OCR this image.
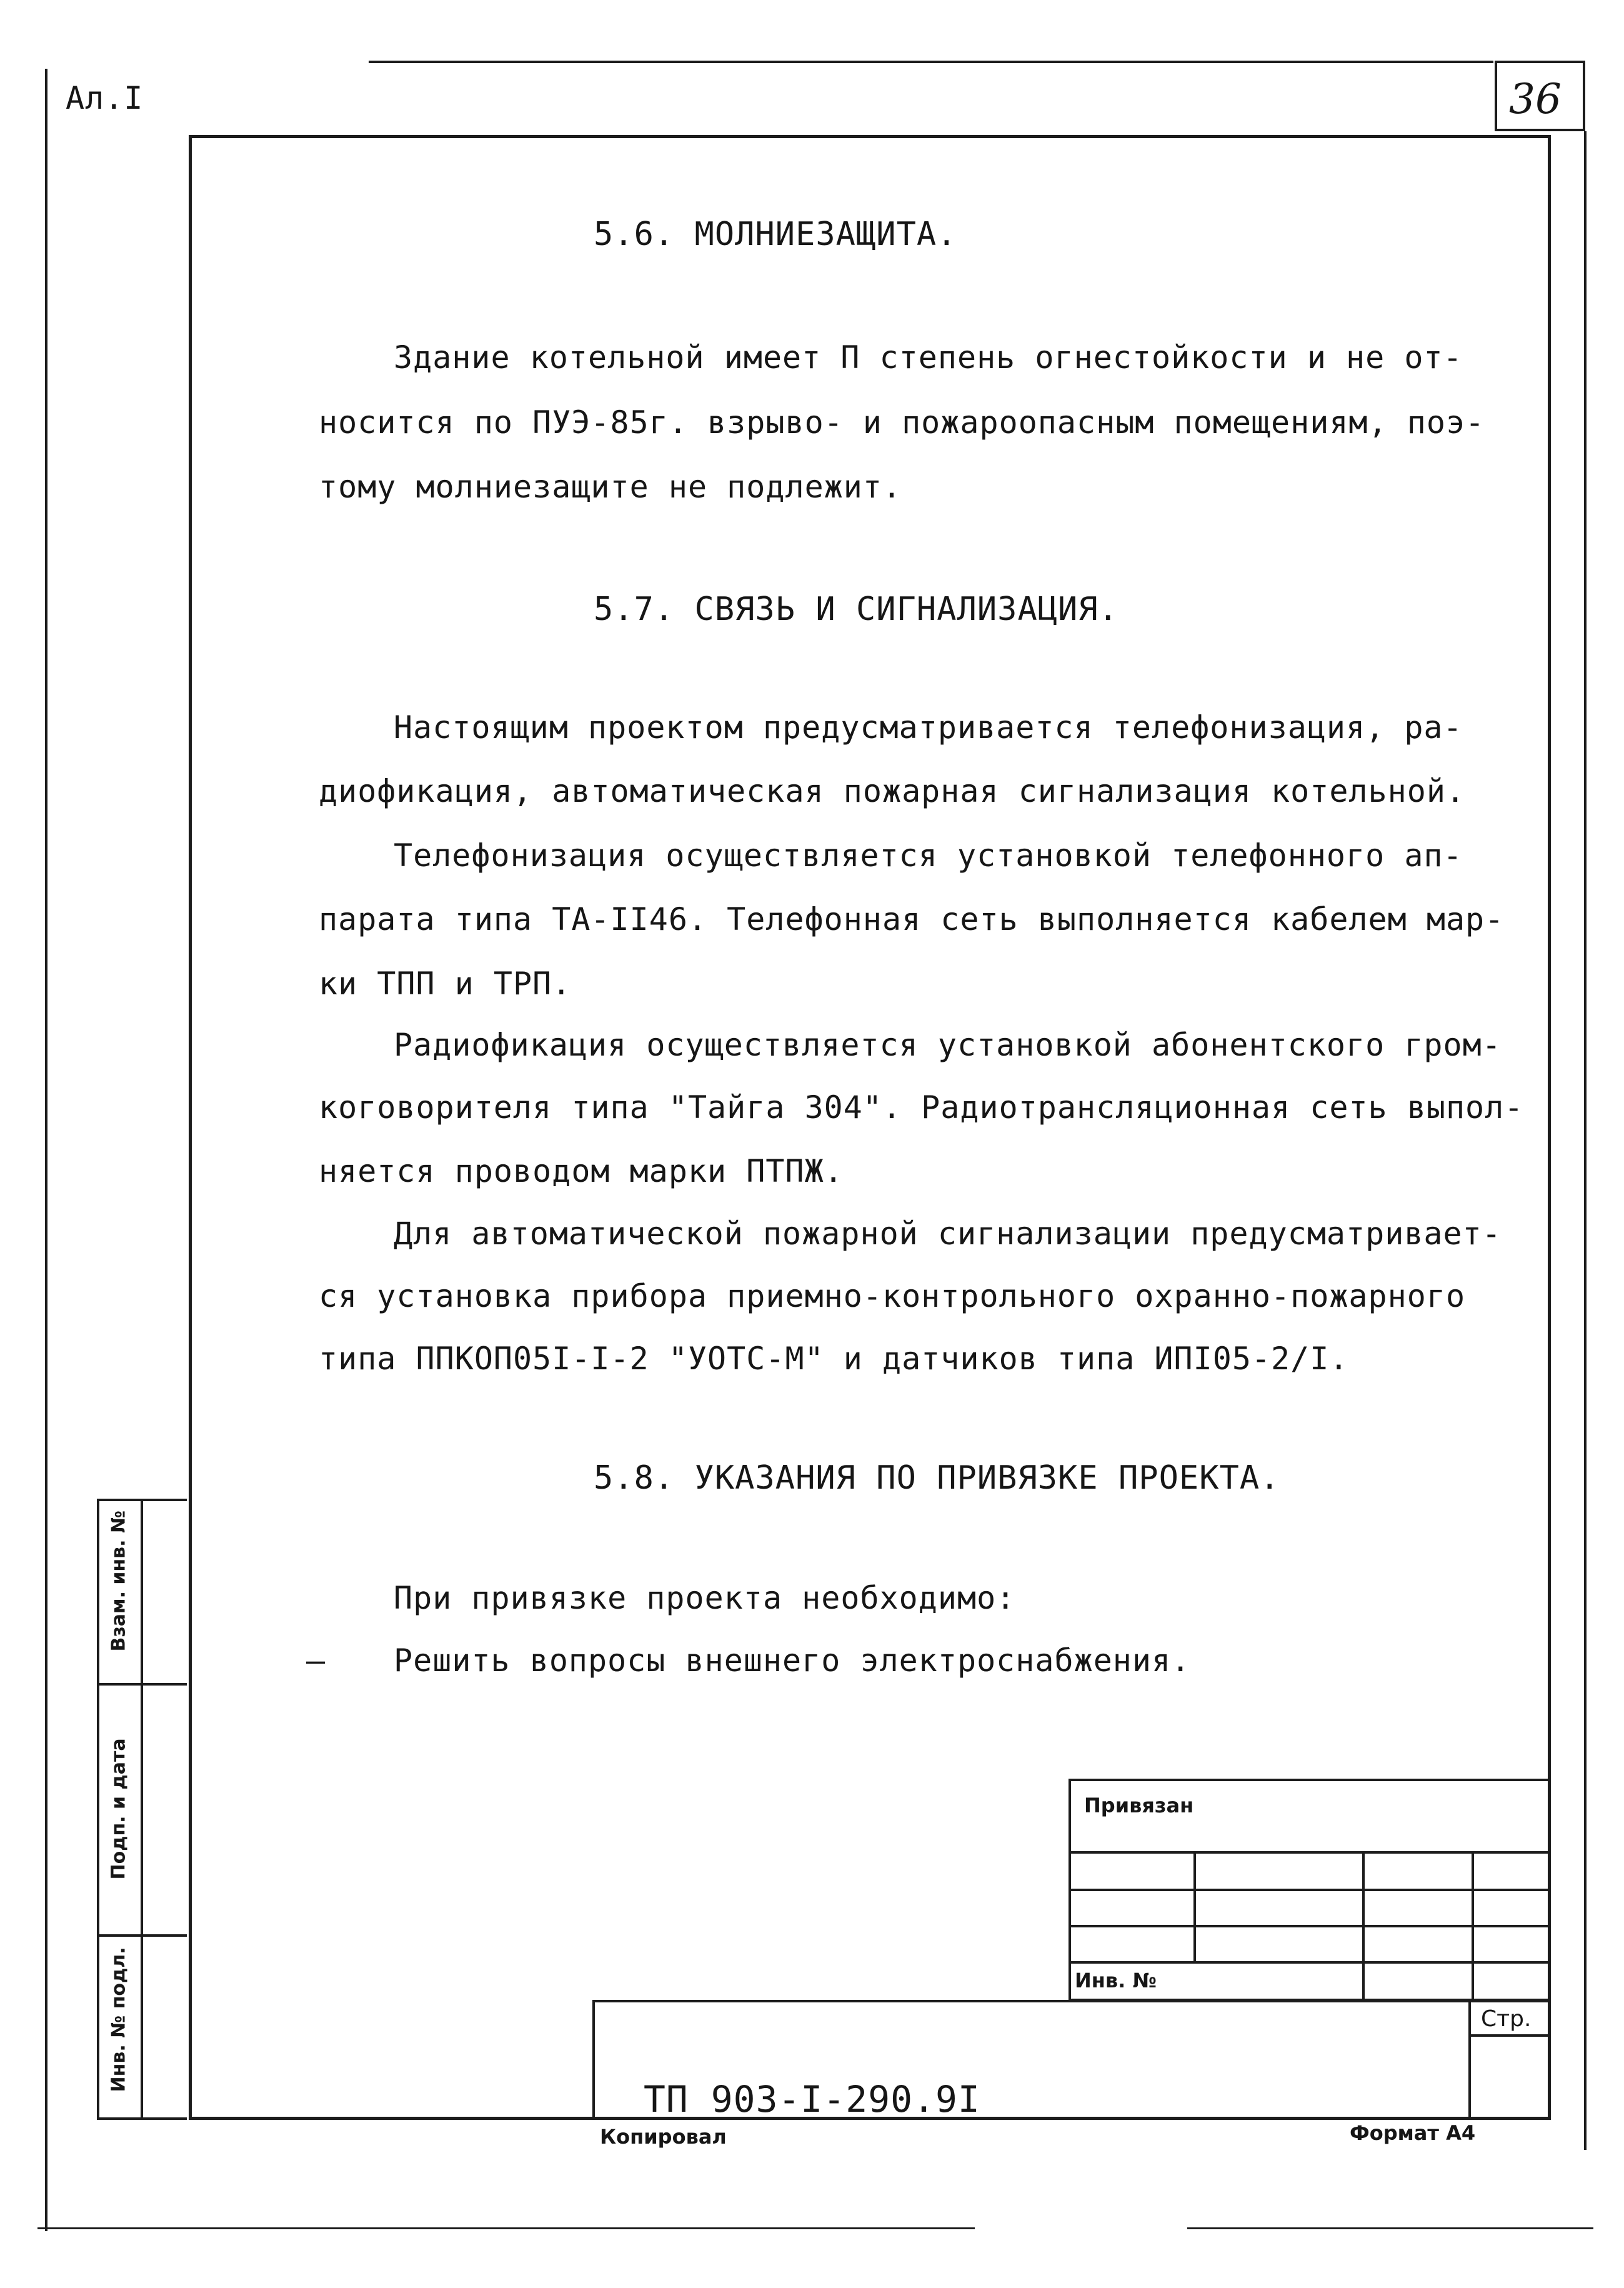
Ал.I	36
5.6. МОЛНИЕЗАЩИТА.
Здание котельной имеет П степень огнестойкости и не от-
носится по ПУЭ-85г. взрыво- и пожароопасным помещениям, поэ-
тому молниезащите не подлежит.
5.7. СВЯЗЬ И СИГНАЛИЗАЦИЯ.
Настоящим проектом предусматривается телефонизация, ра-
диофикация, автоматическая пожарная сигнализация котельной.
Телефонизация осуществляется установкой телефонного ап-
парата типа ТА-II46. Телефонная сеть выполняется кабелем мар-
ки ТПП и ТРП.
Радиофикация осуществляется установкой абонентского гром-
коговорителя типа "Тайга 304". Радиотрансляционная сеть выпол-
няется проводом марки ПТПЖ.
Для автоматической пожарной сигнализации предусматривает-
ся установка прибора приемно-контрольного охранно-пожарного
типа ППКОП05I-I-2 "УОТС-М" и датчиков типа ИПI05-2/I.
5.8. УКАЗАНИЯ ПО ПРИВЯЗКЕ ПРОЕКТА.
При привязке проекта необходимо:
– Решить вопросы внешнего электроснабжения.
Взам. инв. №
Подп. и дата
Инв. № подл.
Привязан
Инв. №
Стр.
ТП 903-I-290.9I
Копировал	Формат А4
